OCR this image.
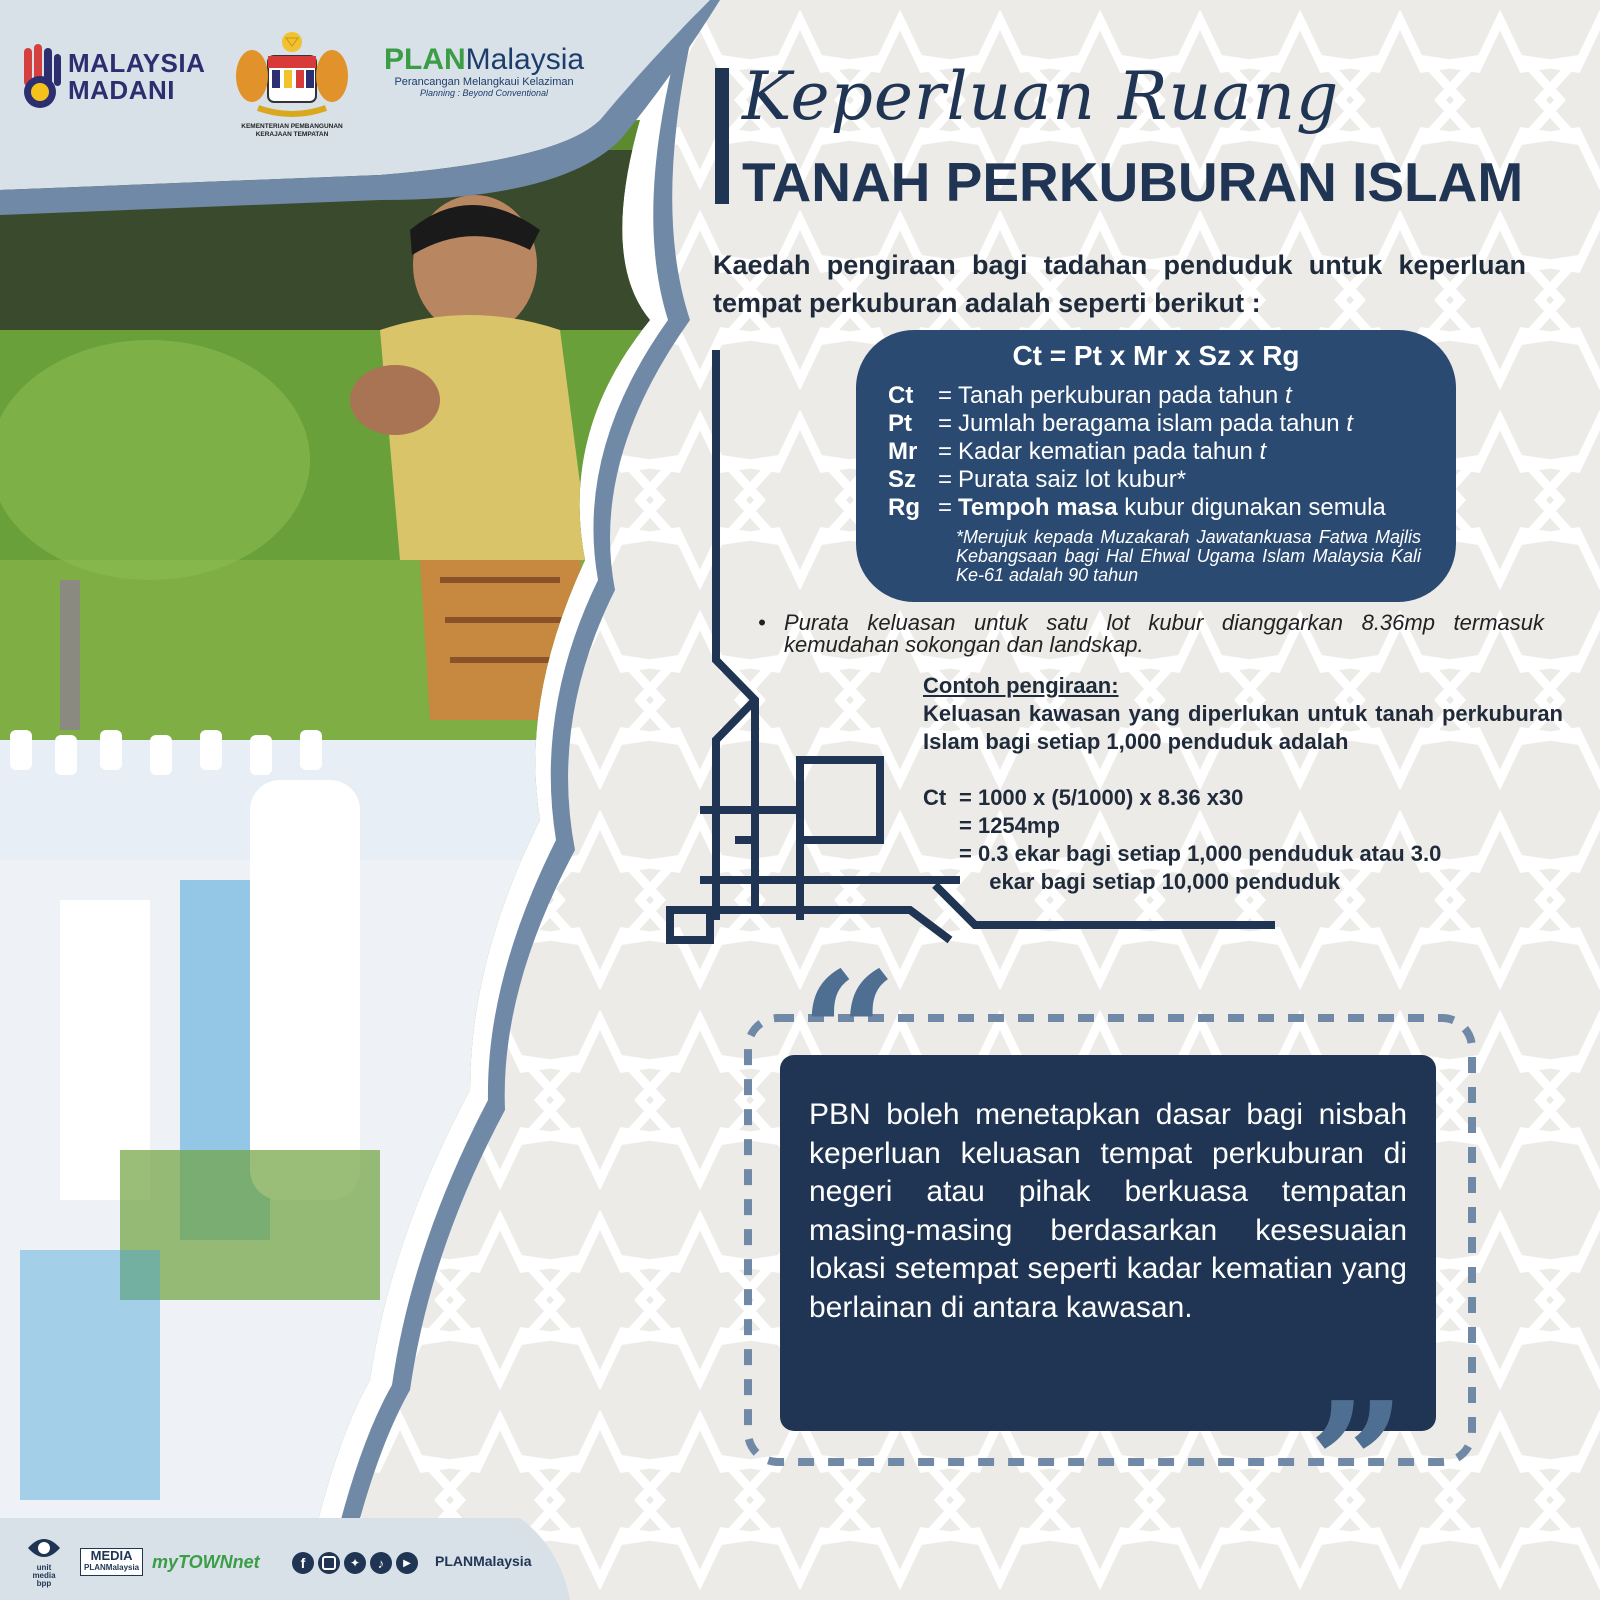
MALAYSIA
MADANI
KEMENTERIAN PEMBANGUNAN
KERAJAAN TEMPATAN
PLANMalaysia
Perancangan Melangkaui Kelaziman
Planning : Beyond Conventional	Keperluan Ruang
TANAH PERKUBURAN ISLAM
Kaedah pengiraan bagi tadahan penduduk untuk keperluan tempat perkuburan adalah seperti berikut :
Ct = Pt x Mr x Sz x Rg
Ct	= Tanah perkuburan pada tahun t
Pt	= Jumlah beragama islam pada tahun t
Mr = Kadar kematian pada tahun t
Sz = Purata saiz lot kubur*
Rg = Tempoh masa kubur digunakan semula
*Merujuk kepada Muzakarah Jawatankuasa Fatwa Majlis Kebangsaan bagi Hal Ehwal Ugama Islam Malaysia Kali Ke-61 adalah 90 tahun
• Purata keluasan untuk satu lot kubur dianggarkan 8.36mp termasuk kemudahan sokongan dan landskap.
Contoh pengiraan:
Keluasan kawasan yang diperlukan untuk tanah perkuburan Islam bagi setiap 1,000 penduduk adalah
Ct = 1000 x (5/1000) x 8.36 x30
= 1254mp
= 0.3 ekar bagi setiap 1,000 penduduk atau 3.0
ekar bagi setiap 10,000 penduduk
“
”
PBN boleh menetapkan dasar bagi nisbah keperluan keluasan tempat perkuburan di negeri atau pihak berkuasa tempatan masing-masing berdasarkan kesesuaian lokasi setempat seperti kadar kematian yang berlainan di antara kawasan.
unit
media
bpp
MEDIA
PLANMalaysia myTOWNnet	f	✦	♪	▶	PLANMalaysia
